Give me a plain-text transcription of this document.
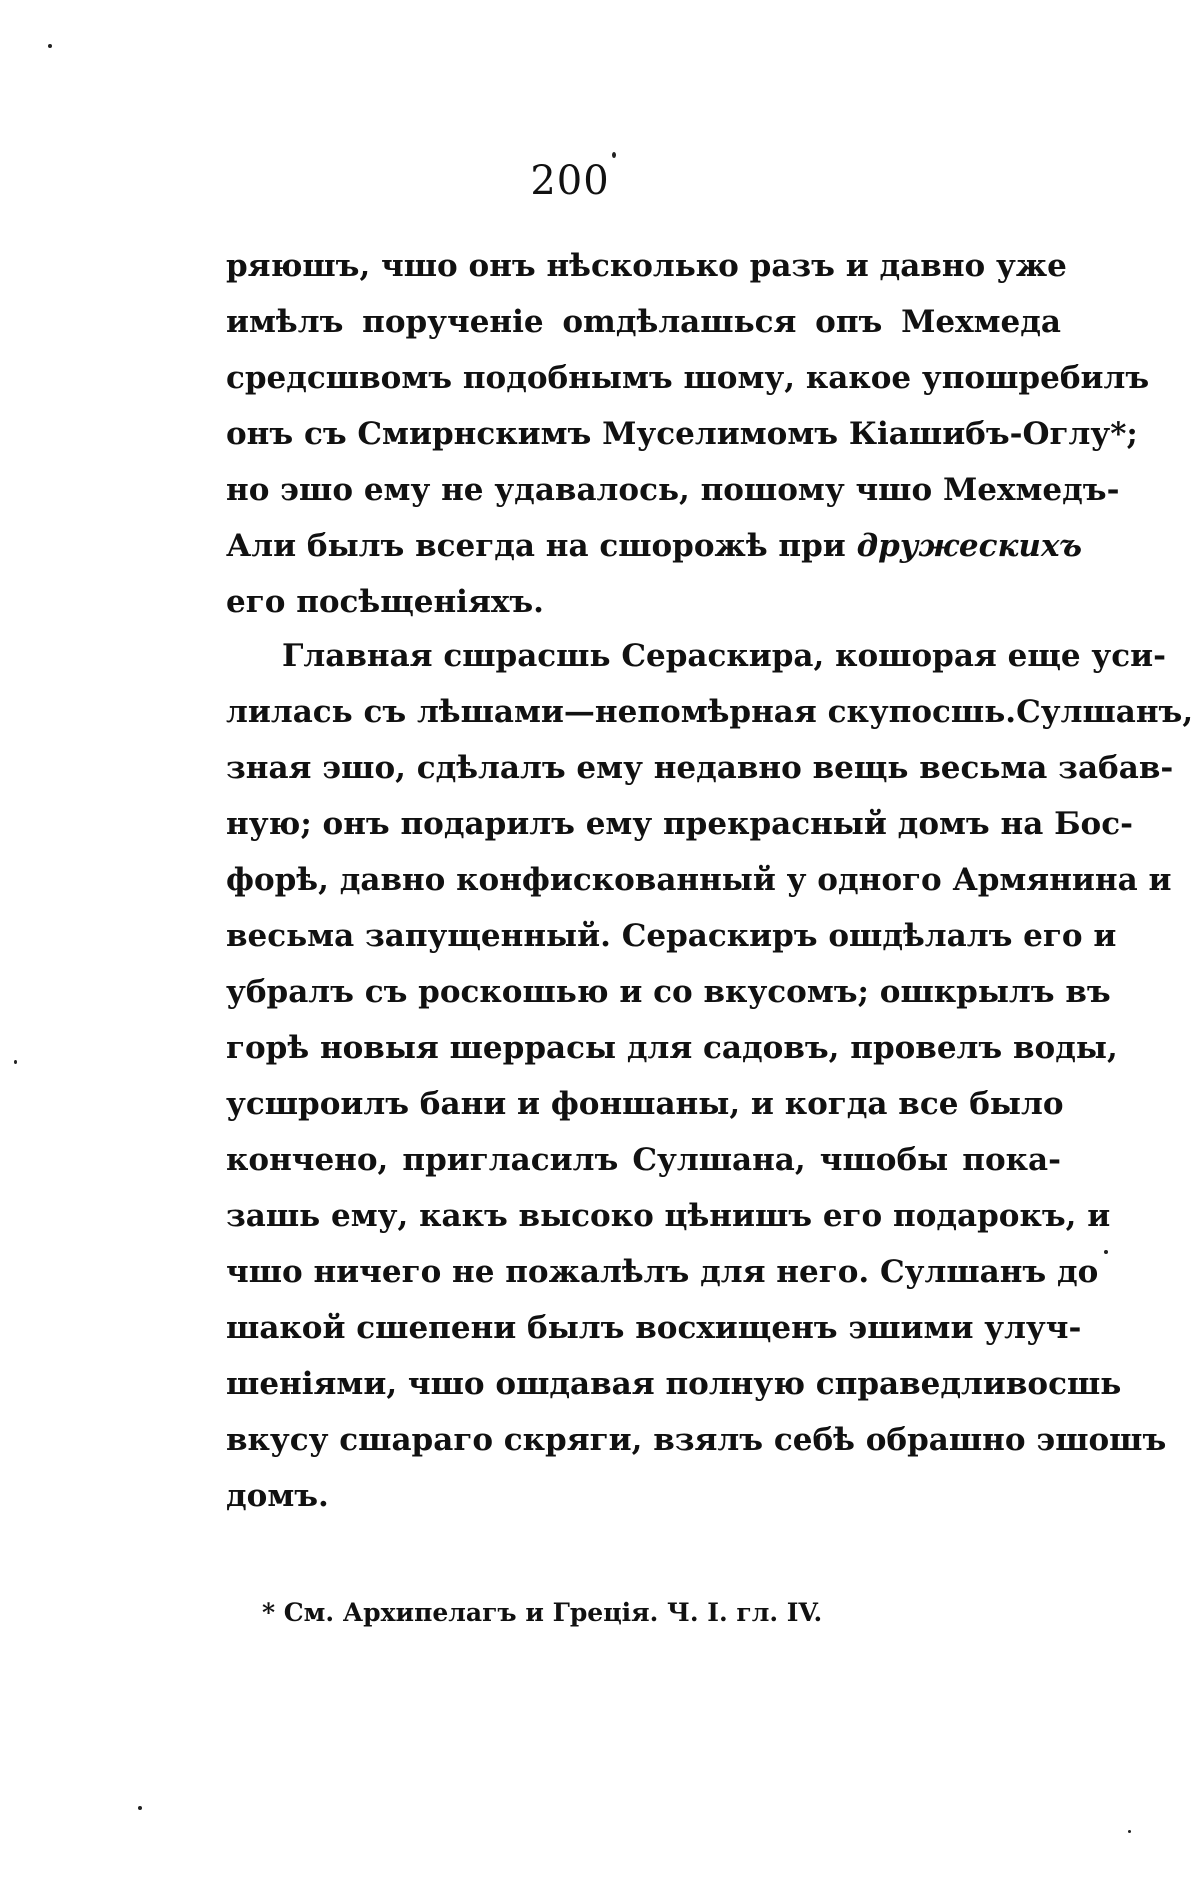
200
ряюшъ, чшо онъ нѣсколько разъ и давно уже
имѣлъ порученіе оmдѣлашься опъ Мехмеда
средсшвомъ подобнымъ шому, какое упошребилъ
онъ съ Смирнскимъ Муселимомъ Кіашибъ-Оглу*;
но эшо ему не удавалось, пошому чшо Мехмедъ-
Али былъ всегда на сшорожѣ при дружескихъ
его посѣщеніяхъ.
Главная сшрасшь Сераскира, кошорая еще уси-
лилась съ лѣшами—непомѣрная скупосшь.Сулшанъ,
зная эшо, сдѣлалъ ему недавно вещь весьма забав-
ную; онъ подарилъ ему прекрасный домъ на Бос-
форѣ, давно конфискованный у одного Армянина и
весьма запущенный. Сераскиръ ошдѣлалъ его и
убралъ съ роскошью и со вкусомъ; ошкрылъ въ
горѣ новыя шеррасы для садовъ, провелъ воды,
усшроилъ бани и фоншаны, и когда все было
кончено, пригласилъ Сулшана, чшобы пока-
зашь ему, какъ высоко цѣнишъ его подарокъ, и
чшо ничего не пожалѣлъ для него. Сулшанъ до
шакой сшепени былъ восхищенъ эшими улуч-
шеніями, чшо ошдавая полную справедливосшь
вкусу сшараго скряги, взялъ себѣ обрашно эшошъ
домъ.
* См. Архипелагъ и Греція. Ч. I. гл. IV.
